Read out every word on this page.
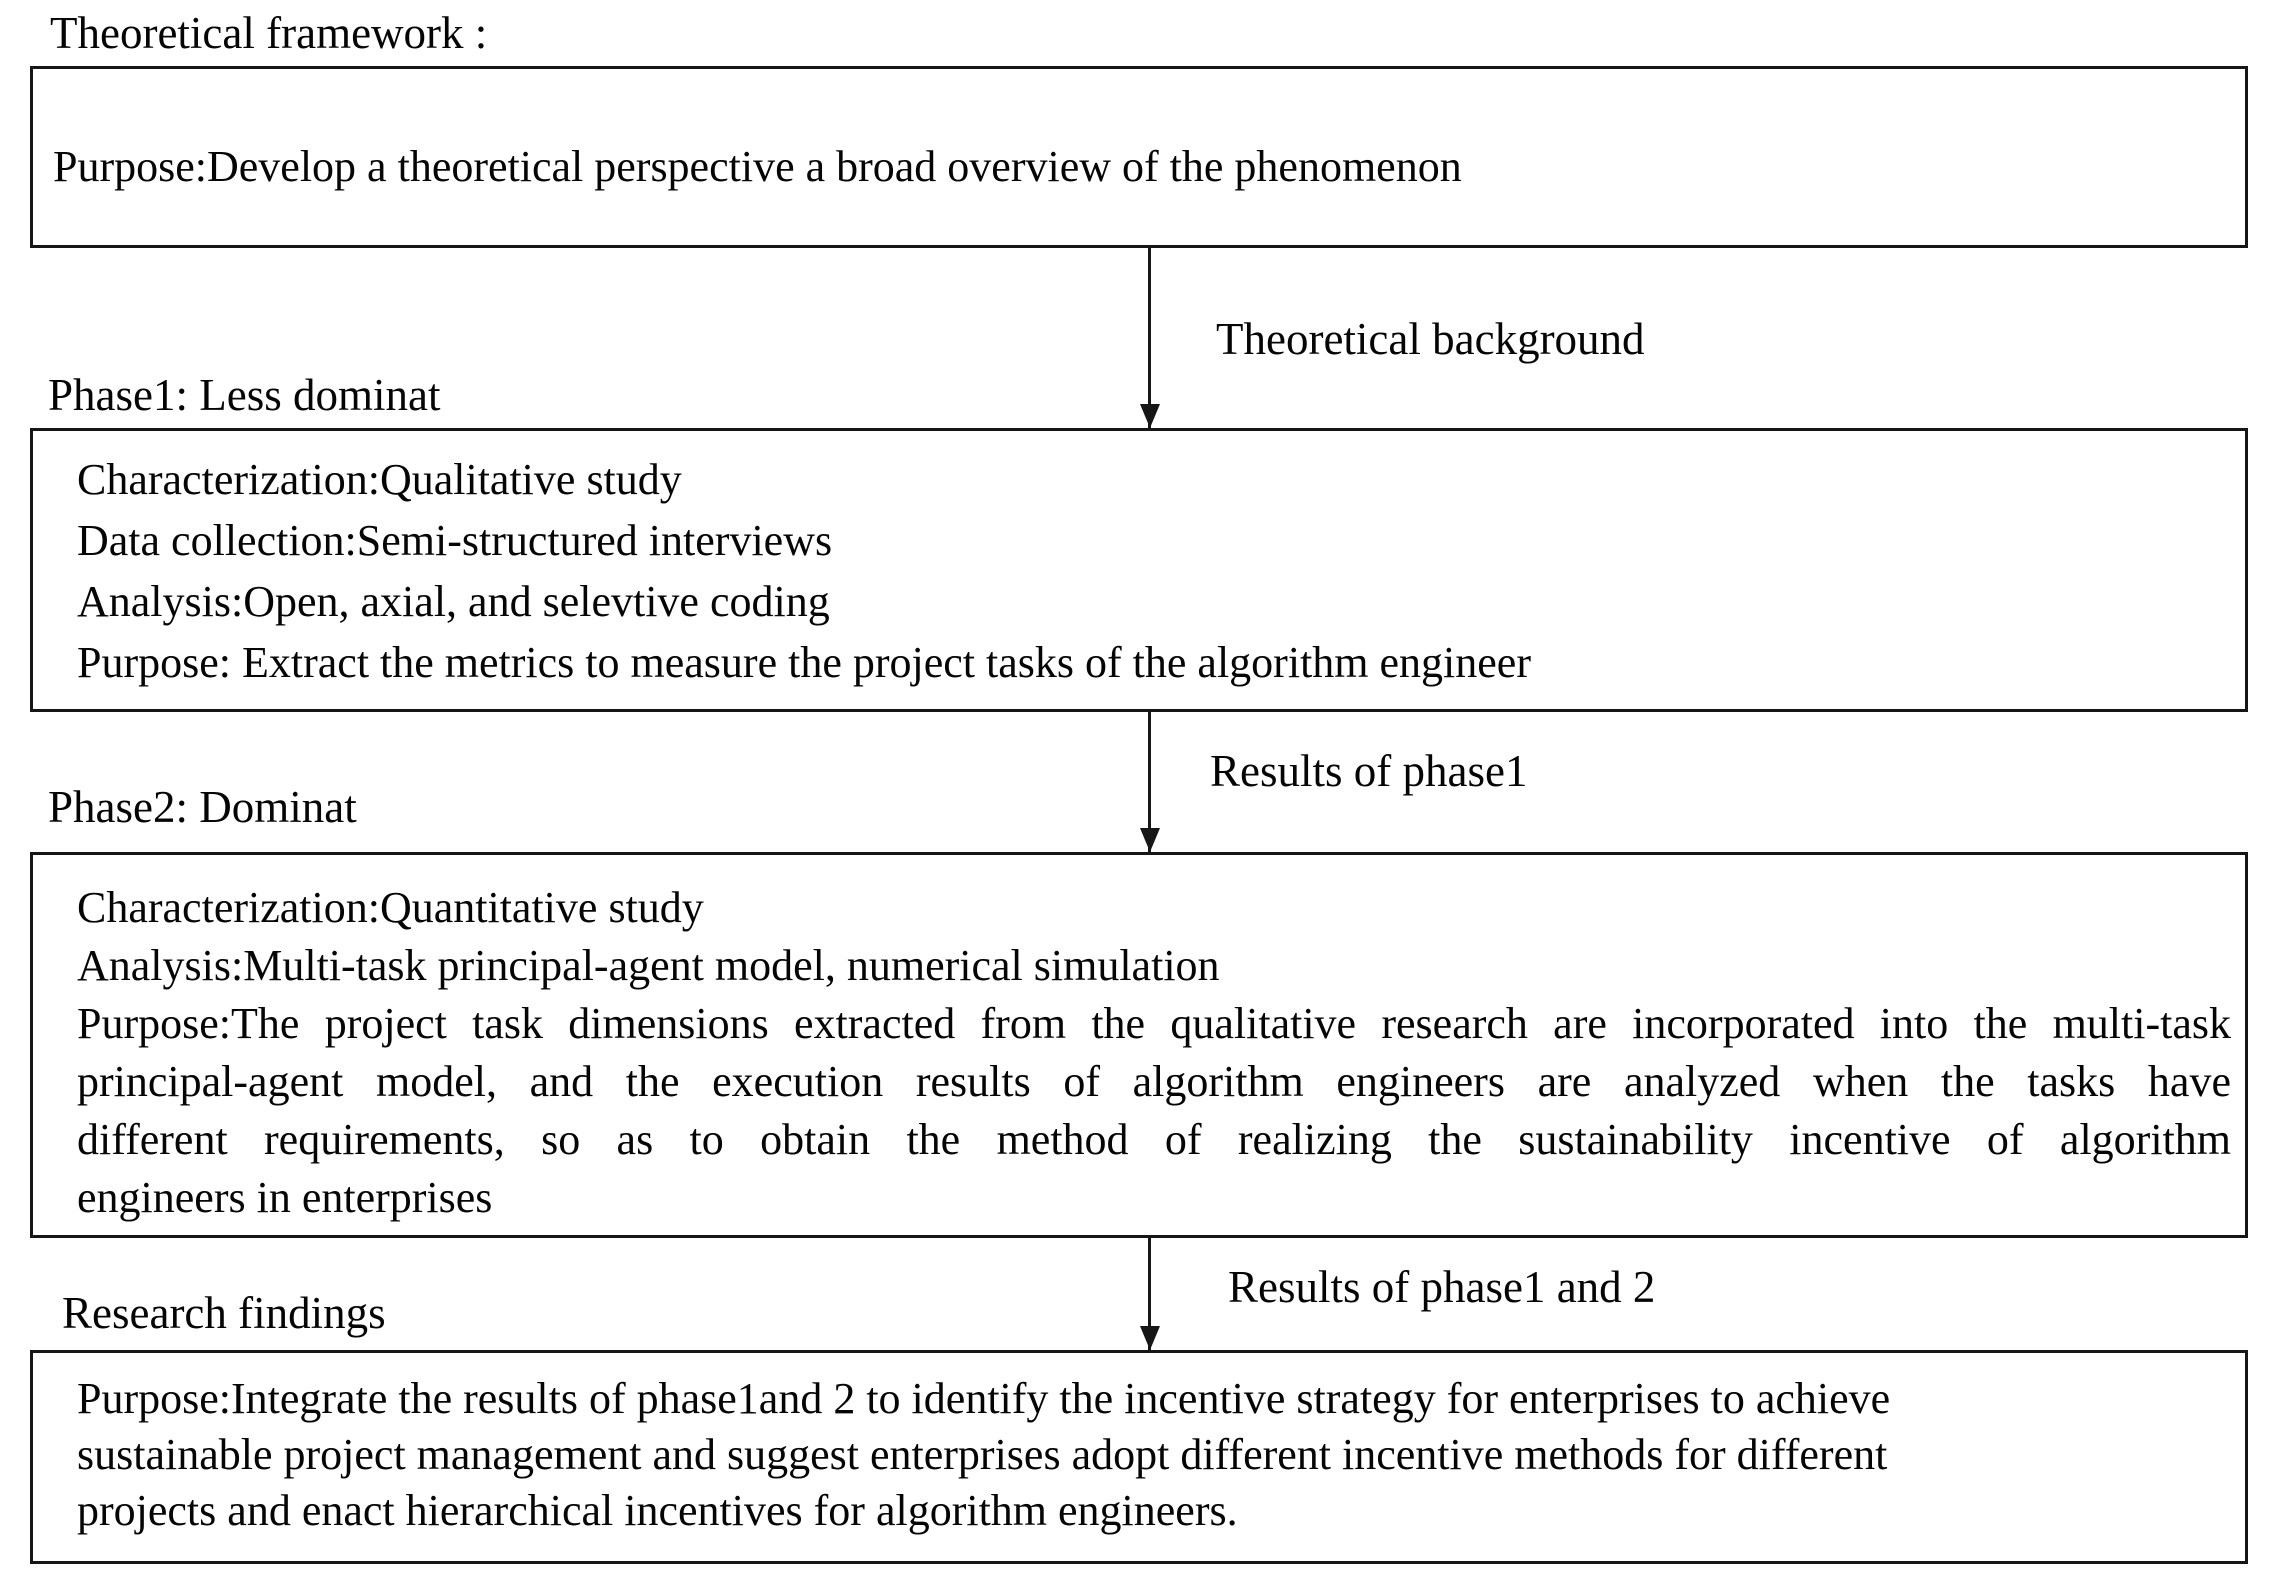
Theoretical framework :
Purpose:Develop a theoretical perspective a broad overview of the phenomenon
Theoretical background
Phase1: Less dominat
Characterization:Qualitative study
Data collection:Semi-structured interviews
Analysis:Open, axial, and selevtive coding
Purpose: Extract the metrics to measure the project tasks of the algorithm engineer
Results of phase1
Phase2: Dominat
Characterization:Quantitative study
Analysis:Multi-task principal-agent model, numerical simulation
Purpose:The project task dimensions extracted from the qualitative research are incorporated into the multi-task
principal-agent model, and the execution results of algorithm engineers are analyzed when the tasks have
different requirements, so as to obtain the method of realizing the sustainability incentive of algorithm
engineers in enterprises
Results of phase1 and 2
Research findings
Purpose:Integrate the results of phase1and 2 to identify the incentive strategy for enterprises to achieve
sustainable project management and suggest enterprises adopt different incentive methods for different
projects and enact hierarchical incentives for algorithm engineers.
